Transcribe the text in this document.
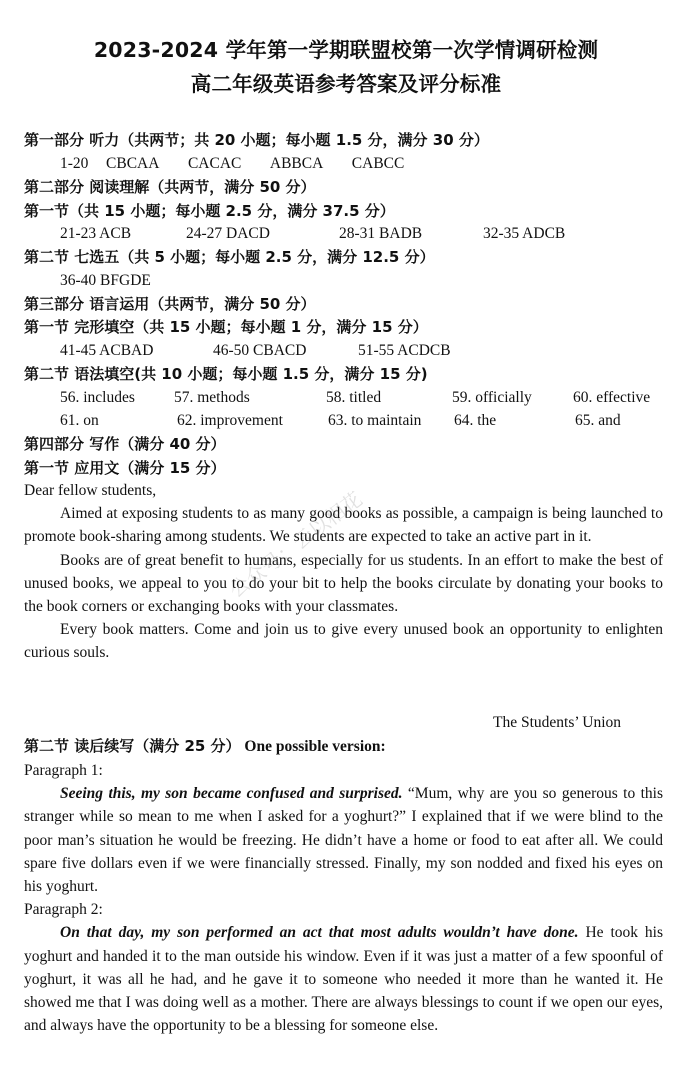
2023-2024 学年第一学期联盟校第一次学情调研检测
高二年级英语参考答案及评分标准
第一部分 听力（共两节；共 20 小题；每小题 1.5 分，满分 30 分）
1-20   CBCAA     CACAC     ABBCA     CABCC
第二部分 阅读理解（共两节，满分 50 分）
第一节（共 15 小题；每小题 2.5 分，满分 37.5 分）
21-23 ACB	24-27 DACD	28-31 BADB	32-35 ADCB
第二节 七选五（共 5 小题；每小题 2.5 分，满分 12.5 分）
36-40 BFGDE
第三部分 语言运用（共两节，满分 50 分）
第一节 完形填空（共 15 小题；每小题 1 分，满分 15 分）
41-45 ACBAD	46-50 CBACD	51-55 ACDCB
第二节 语法填空(共 10 小题；每小题 1.5 分，满分 15 分)
56. includes	57. methods	58. titled	59. officially	60. effective
61. on	62. improvement	63. to maintain 64. the	65. and
第四部分 写作（满分 40 分）
第一节 应用文（满分 15 分）

Dear fellow students,

Aimed at exposing students to as many good books as possible, a campaign is being launched to promote book-sharing among students. We students are expected to take an active part in it.

Books are of great benefit to humans, especially for us students. In an effort to make the best of unused books, we appeal to you to do your bit to help the books circulate by donating your books to the book corners or exchanging books with your classmates.

Every book matters. Come and join us to give every unused book an opportunity to enlighten curious souls.

The Students’ Union
第二节 读后续写（满分 25 分） One possible version:

Paragraph 1:

Seeing this, my son became confused and surprised. “Mum, why are you so generous to this stranger while so mean to me when I asked for a yoghurt?” I explained that if we were blind to the poor man’s situation he would be freezing. He didn’t have a home or food to eat after all. We could spare five dollars even if we were financially stressed. Finally, my son nodded and fixed his eyes on his yoghurt.

Paragraph 2:

On that day, my son performed an act that most adults wouldn’t have done. He took his yoghurt and handed it to the man outside his window. Even if it was just a matter of a few spoonful of yoghurt, it was all he had, and he gave it to someone who needed it more than he wanted it. He showed me that I was doing well as a mother. There are always blessings to count if we open our eyes, and always have the opportunity to be a blessing for someone else.

公众号：云以相花
